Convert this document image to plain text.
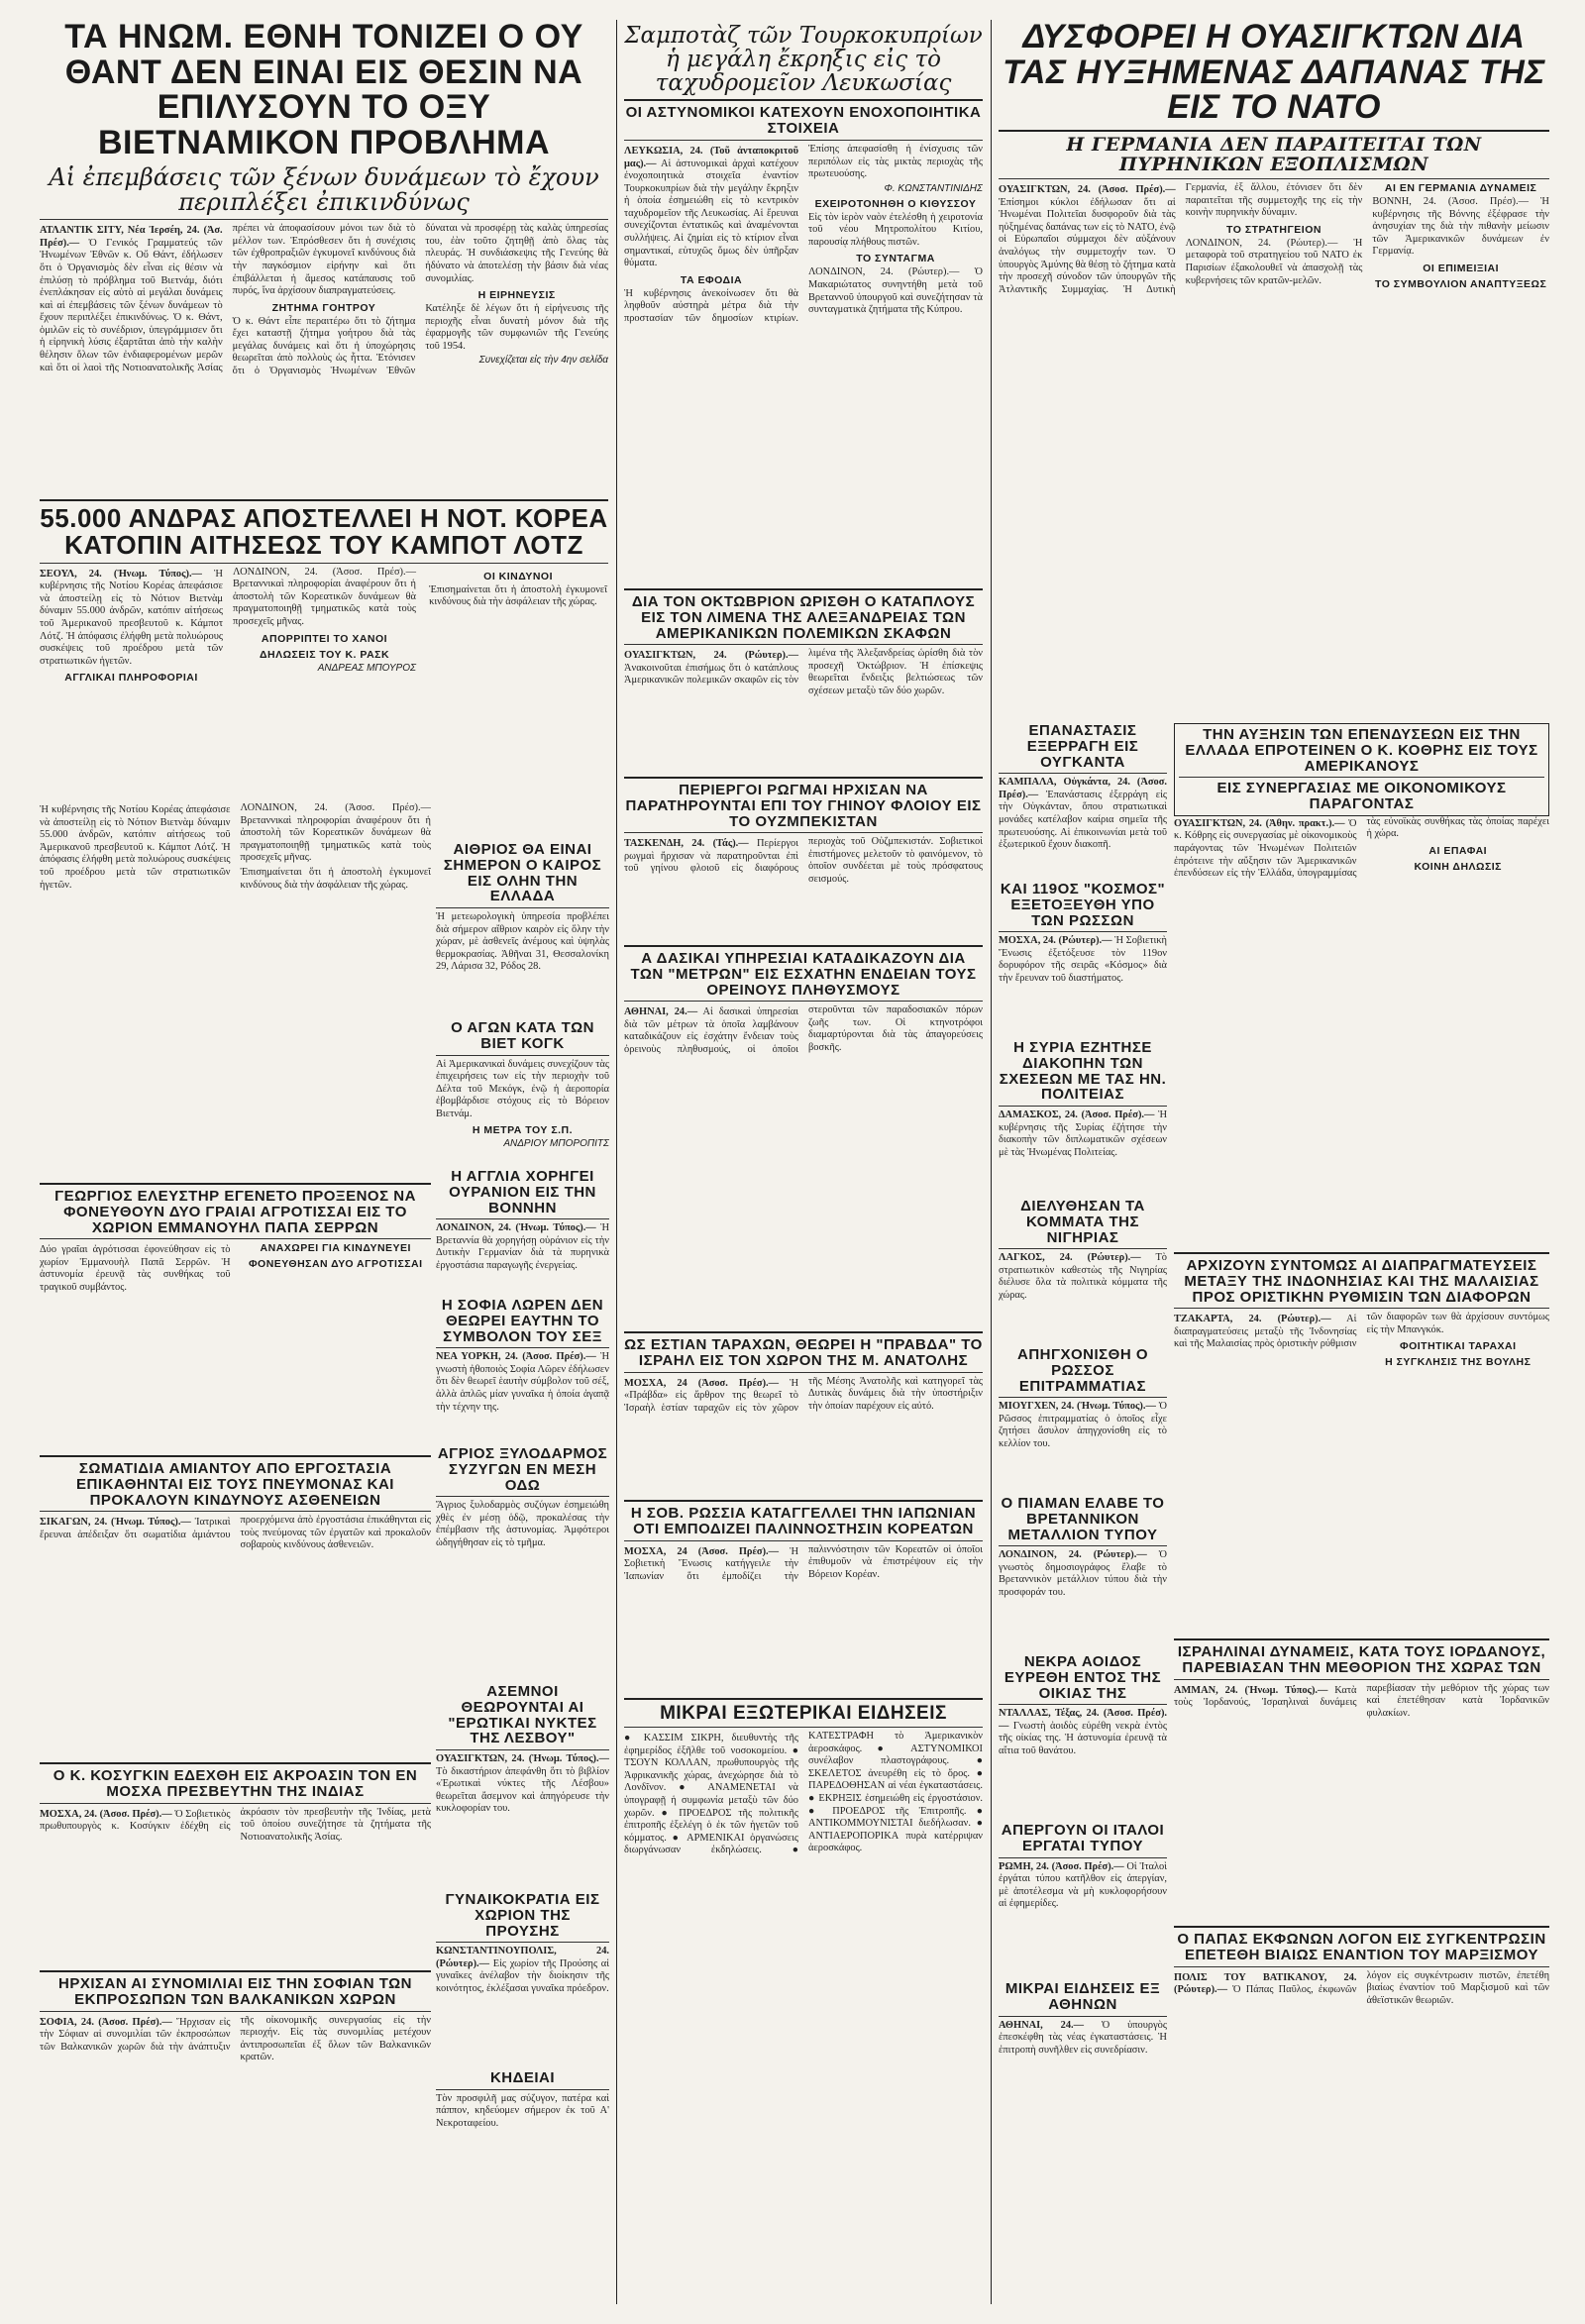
ΤΑ ΗΝΩΜ. ΕΘΝΗ ΤΟΝΙΖΕΙ Ο ΟΥ ΘΑΝΤ ΔΕΝ ΕΙΝΑΙ ΕΙΣ ΘΕΣΙΝ ΝΑ ΕΠΙΛΥΣΟΥΝ ΤΟ ΟΞΥ ΒΙΕΤΝΑΜΙΚΟΝ ΠΡΟΒΛΗΜΑ
Αἱ ἐπεμβάσεις τῶν ξένων δυνάμεων τὸ ἔχουν περιπλέξει ἐπικινδύνως

ΑΤΛΑΝΤΙΚ ΣΙΤΥ, Νέα Ἰερσέη, 24. (Ἀσ. Πρέσ).— Ὁ Γενικός Γραμματεύς τῶν Ἡνωμένων Ἐθνῶν κ. Οὔ Θάντ, ἐδήλωσεν ὅτι ὁ Ὀργανισμὸς δὲν εἶναι εἰς θέσιν νὰ ἐπιλύσῃ τὸ πρόβλημα τοῦ Βιετνάμ, διότι ἐνεπλάκησαν εἰς αὐτὸ αἱ μεγάλαι δυνάμεις καὶ αἱ ἐπεμβάσεις τῶν ξένων δυνάμεων τὸ ἔχουν περιπλέξει ἐπικινδύνως. Ὁ κ. Θάντ, ὁμιλῶν εἰς τὸ συνέδριον, ὑπεγράμμισεν ὅτι ἡ εἰρηνικὴ λύσις ἐξαρτᾶται ἀπὸ τὴν καλὴν θέλησιν ὅλων τῶν ἐνδιαφερομένων μερῶν καὶ ὅτι οἱ λαοὶ τῆς Νοτιοανατολικῆς Ἀσίας πρέπει νὰ ἀποφασίσουν μόνοι των διὰ τὸ μέλλον των. Ἐπρόσθεσεν ὅτι ἡ συνέχισις τῶν ἐχθροπραξιῶν ἐγκυμονεῖ κινδύνους διὰ τὴν παγκόσμιον εἰρήνην καὶ ὅτι ἐπιβάλλεται ἡ ἄμεσος κατάπαυσις τοῦ πυρός, ἵνα ἀρχίσουν διαπραγματεύσεις.

ΖΗΤΗΜΑ ΓΟΗΤΡΟΥ

Ὁ κ. Θάντ εἶπε περαιτέρω ὅτι τὸ ζήτημα ἔχει καταστῇ ζήτημα γοήτρου διὰ τὰς μεγάλας δυνάμεις καὶ ὅτι ἡ ὑποχώρησις θεωρεῖται ἀπὸ πολλοὺς ὡς ἧττα. Ἐτόνισεν ὅτι ὁ Ὀργανισμὸς Ἡνωμένων Ἐθνῶν δύναται νὰ προσφέρῃ τὰς καλὰς ὑπηρεσίας του, ἐὰν τοῦτο ζητηθῇ ἀπὸ ὅλας τὰς πλευράς. Ἡ συνδιάσκεψις τῆς Γενεύης θὰ ἠδύνατο νὰ ἀποτελέσῃ τὴν βάσιν διὰ νέας συνομιλίας.

Η ΕΙΡΗΝΕΥΣΙΣ

Κατέληξε δὲ λέγων ὅτι ἡ εἰρήνευσις τῆς περιοχῆς εἶναι δυνατὴ μόνον διὰ τῆς ἐφαρμογῆς τῶν συμφωνιῶν τῆς Γενεύης τοῦ 1954.

Συνεχίζεται εἰς τὴν 4ην σελίδα
Σαμποτὰζ τῶν Τουρκοκυπρίων ἡ μεγάλη ἔκρηξις εἰς τὸ ταχυδρομεῖον Λευκωσίας
ΟΙ ΑΣΤΥΝΟΜΙΚΟΙ ΚΑΤΕΧΟΥΝ ΕΝΟΧΟΠΟΙΗΤΙΚΑ ΣΤΟΙΧΕΙΑ

ΛΕΥΚΩΣΙΑ, 24. (Τοῦ ἀνταποκριτοῦ μας).— Αἱ ἀστυνομικαὶ ἀρχαὶ κατέχουν ἐνοχοποιητικὰ στοιχεῖα ἐναντίον Τουρκοκυπρίων διὰ τὴν μεγάλην ἔκρηξιν ἡ ὁποία ἐσημειώθη εἰς τὸ κεντρικὸν ταχυδρομεῖον τῆς Λευκωσίας. Αἱ ἔρευναι συνεχίζονται ἐντατικῶς καὶ ἀναμένονται συλλήψεις. Αἱ ζημίαι εἰς τὸ κτίριον εἶναι σημαντικαί, εὐτυχῶς ὅμως δὲν ὑπῆρξαν θύματα.

ΤΑ ΕΦΟΔΙΑ

Ἡ κυβέρνησις ἀνεκοίνωσεν ὅτι θὰ ληφθοῦν αὐστηρὰ μέτρα διὰ τὴν προστασίαν τῶν δημοσίων κτιρίων. Ἐπίσης ἀπεφασίσθη ἡ ἐνίσχυσις τῶν περιπόλων εἰς τὰς μικτὰς περιοχὰς τῆς πρωτευούσης.

Φ. ΚΩΝΣΤΑΝΤΙΝΙΔΗΣ
ΕΧΕΙΡΟΤΟΝΗΘΗ Ο ΚΙΘΥΣΣΟΥ

Εἰς τὸν ἱερὸν ναὸν ἐτελέσθη ἡ χειροτονία τοῦ νέου Μητροπολίτου Κιτίου, παρουσίᾳ πλήθους πιστῶν.

ΤΟ ΣΥΝΤΑΓΜΑ

ΛΟΝΔΙΝΟΝ, 24. (Ρώυτερ).— Ὁ Μακαριώτατος συνηντήθη μετὰ τοῦ Βρεταννοῦ ὑπουργοῦ καὶ συνεζήτησαν τὰ συνταγματικὰ ζητήματα τῆς Κύπρου.

ΔΥΣΦΟΡΕΙ Η ΟΥΑΣΙΓΚΤΩΝ ΔΙΑ ΤΑΣ ΗΥΞΗΜΕΝΑΣ ΔΑΠΑΝΑΣ ΤΗΣ ΕΙΣ ΤΟ ΝΑΤΟ
Η ΓΕΡΜΑΝΙΑ ΔΕΝ ΠΑΡΑΙΤΕΙΤΑΙ ΤΩΝ ΠΥΡΗΝΙΚΩΝ ΕΞΟΠΛΙΣΜΩΝ

ΟΥΑΣΙΓΚΤΩΝ, 24. (Ἀσοσ. Πρέσ).— Ἐπίσημοι κύκλοι ἐδήλωσαν ὅτι αἱ Ἡνωμέναι Πολιτεῖαι δυσφοροῦν διὰ τὰς ηὐξημένας δαπάνας των εἰς τὸ ΝΑΤΟ, ἐνῷ οἱ Εὐρωπαῖοι σύμμαχοι δὲν αὐξάνουν ἀναλόγως τὴν συμμετοχήν των. Ὁ ὑπουργὸς Ἀμύνης θὰ θέσῃ τὸ ζήτημα κατὰ τὴν προσεχῆ σύνοδον τῶν ὑπουργῶν τῆς Ἀτλαντικῆς Συμμαχίας. Ἡ Δυτικὴ Γερμανία, ἐξ ἄλλου, ἐτόνισεν ὅτι δὲν παραιτεῖται τῆς συμμετοχῆς της εἰς τὴν κοινὴν πυρηνικὴν δύναμιν.

ΤΟ ΣΤΡΑΤΗΓΕΙΟΝ

ΛΟΝΔΙΝΟΝ, 24. (Ρώυτερ).— Ἡ μεταφορὰ τοῦ στρατηγείου τοῦ ΝΑΤΟ ἐκ Παρισίων ἐξακολουθεῖ νὰ ἀπασχολῇ τὰς κυβερνήσεις τῶν κρατῶν-μελῶν.

ΑΙ ΕΝ ΓΕΡΜΑΝΙΑ ΔΥΝΑΜΕΙΣ

ΒΟΝΝΗ, 24. (Ἀσοσ. Πρέσ).— Ἡ κυβέρνησις τῆς Βόννης ἐξέφρασε τὴν ἀνησυχίαν της διὰ τὴν πιθανὴν μείωσιν τῶν Ἀμερικανικῶν δυνάμεων ἐν Γερμανίᾳ.

ΟΙ ΕΠΙΜΕΙΞΙΑΙ
ΤΟ ΣΥΜΒΟΥΛΙΟΝ ΑΝΑΠΤΥΞΕΩΣ
ΔΙΑ ΤΟΝ ΟΚΤΩΒΡΙΟΝ ΩΡΙΣΘΗ Ο ΚΑΤΑΠΛΟΥΣ ΕΙΣ ΤΟΝ ΛΙΜΕΝΑ ΤΗΣ ΑΛΕΞΑΝΔΡΕΙΑΣ ΤΩΝ ΑΜΕΡΙΚΑΝΙΚΩΝ ΠΟΛΕΜΙΚΩΝ ΣΚΑΦΩΝ

ΟΥΑΣΙΓΚΤΩΝ, 24. (Ρώυτερ).— Ἀνακοινοῦται ἐπισήμως ὅτι ὁ κατάπλους Ἀμερικανικῶν πολεμικῶν σκαφῶν εἰς τὸν λιμένα τῆς Ἀλεξανδρείας ὡρίσθη διὰ τὸν προσεχῆ Ὀκτώβριον. Ἡ ἐπίσκεψις θεωρεῖται ἔνδειξις βελτιώσεως τῶν σχέσεων μεταξὺ τῶν δύο χωρῶν.

55.000 ΑΝΔΡΑΣ ΑΠΟΣΤΕΛΛΕΙ Η ΝΟΤ. ΚΟΡΕΑ ΚΑΤΟΠΙΝ ΑΙΤΗΣΕΩΣ ΤΟΥ ΚΑΜΠΟΤ ΛΟΤΖ

ΣΕΟΥΛ, 24. (Ἡνωμ. Τύπος).— Ἡ κυβέρνησις τῆς Νοτίου Κορέας ἀπεφάσισε νὰ ἀποστείλῃ εἰς τὸ Νότιον Βιετνὰμ δύναμιν 55.000 ἀνδρῶν, κατόπιν αἰτήσεως τοῦ Ἀμερικανοῦ πρεσβευτοῦ κ. Κάμποτ Λότζ. Ἡ ἀπόφασις ἐλήφθη μετὰ πολυώρους συσκέψεις τοῦ προέδρου μετὰ τῶν στρατιωτικῶν ἡγετῶν.

ΑΓΓΛΙΚΑΙ ΠΛΗΡΟΦΟΡΙΑΙ

ΛΟΝΔΙΝΟΝ, 24. (Ἀσοσ. Πρέσ).— Βρεταννικαὶ πληροφορίαι ἀναφέρουν ὅτι ἡ ἀποστολὴ τῶν Κορεατικῶν δυνάμεων θὰ πραγματοποιηθῇ τμηματικῶς κατὰ τοὺς προσεχεῖς μῆνας.

ΑΠΟΡΡΙΠΤΕΙ ΤΟ ΧΑΝΟΙ
ΔΗΛΩΣΕΙΣ ΤΟΥ Κ. ΡΑΣΚ
ΑΝΔΡΕΑΣ ΜΠΟΥΡΟΣ

ΟΙ ΚΙΝΔΥΝΟΙ

Ἐπισημαίνεται ὅτι ἡ ἀποστολὴ ἐγκυμονεῖ κινδύνους διὰ τὴν ἀσφάλειαν τῆς χώρας.

ΑΙΘΡΙΟΣ ΘΑ ΕΙΝΑΙ ΣΗΜΕΡΟΝ Ο ΚΑΙΡΟΣ ΕΙΣ ΟΛΗΝ ΤΗΝ ΕΛΛΑΔΑ

Ἡ μετεωρολογικὴ ὑπηρεσία προβλέπει διὰ σήμερον αἴθριον καιρὸν εἰς ὅλην τὴν χώραν, μὲ ἀσθενεῖς ἀνέμους καὶ ὑψηλὰς θερμοκρασίας. Ἀθῆναι 31, Θεσσαλονίκη 29, Λάρισα 32, Ρόδος 28.

Ο ΑΓΩΝ ΚΑΤΑ ΤΩΝ ΒΙΕΤ ΚΟΓΚ

Αἱ Ἀμερικανικαὶ δυνάμεις συνεχίζουν τὰς ἐπιχειρήσεις των εἰς τὴν περιοχὴν τοῦ Δέλτα τοῦ Μεκόγκ, ἐνῷ ἡ ἀεροπορία ἐβομβάρδισε στόχους εἰς τὸ Βόρειον Βιετνάμ.

Η ΜΕΤΡΑ ΤΟΥ Σ.Π.
ΑΝΔΡΙΟΥ ΜΠΟΡΟΠΙΤΣ
Η ΑΓΓΛΙΑ ΧΟΡΗΓΕΙ ΟΥΡΑΝΙΟΝ ΕΙΣ ΤΗΝ ΒΟΝΝΗΝ

ΛΟΝΔΙΝΟΝ, 24. (Ἡνωμ. Τύπος).— Ἡ Βρεταννία θὰ χορηγήσῃ οὐράνιον εἰς τὴν Δυτικὴν Γερμανίαν διὰ τὰ πυρηνικὰ ἐργοστάσια παραγωγῆς ἐνεργείας.

Η ΣΟΦΙΑ ΛΩΡΕΝ ΔΕΝ ΘΕΩΡΕΙ ΕΑΥΤΗΝ ΤΟ ΣΥΜΒΟΛΟΝ ΤΟΥ ΣΕΞ

ΝΕΑ ΥΟΡΚΗ, 24. (Ἀσοσ. Πρέσ).— Ἡ γνωστὴ ἠθοποιὸς Σοφία Λῶρεν ἐδήλωσεν ὅτι δὲν θεωρεῖ ἑαυτὴν σύμβολον τοῦ σέξ, ἀλλὰ ἁπλῶς μίαν γυναῖκα ἡ ὁποία ἀγαπᾷ τὴν τέχνην της.

ΑΓΡΙΟΣ ΞΥΛΟΔΑΡΜΟΣ ΣΥΖΥΓΩΝ ΕΝ ΜΕΣΗ ΟΔΩ

Ἄγριος ξυλοδαρμὸς συζύγων ἐσημειώθη χθὲς ἐν μέσῃ ὁδῷ, προκαλέσας τὴν ἐπέμβασιν τῆς ἀστυνομίας. Ἀμφότεροι ὡδηγήθησαν εἰς τὸ τμῆμα.

ΑΣΕΜΝΟΙ ΘΕΩΡΟΥΝΤΑΙ ΑΙ "ΕΡΩΤΙΚΑΙ ΝΥΚΤΕΣ ΤΗΣ ΛΕΣΒΟΥ"

ΟΥΑΣΙΓΚΤΩΝ, 24. (Ἡνωμ. Τύπος).— Τὸ δικαστήριον ἀπεφάνθη ὅτι τὸ βιβλίον «Ἐρωτικαὶ νύκτες τῆς Λέσβου» θεωρεῖται ἄσεμνον καὶ ἀπηγόρευσε τὴν κυκλοφορίαν του.

ΓΥΝΑΙΚΟΚΡΑΤΙΑ ΕΙΣ ΧΩΡΙΟΝ ΤΗΣ ΠΡΟΥΣΗΣ

ΚΩΝΣΤΑΝΤΙΝΟΥΠΟΛΙΣ, 24. (Ρώυτερ).— Εἰς χωρίον τῆς Προύσης αἱ γυναῖκες ἀνέλαβον τὴν διοίκησιν τῆς κοινότητος, ἐκλέξασαι γυναῖκα πρόεδρον.

ΚΗΔΕΙΑΙ

Τὸν προσφιλῆ μας σύζυγον, πατέρα καὶ πάππον, κηδεύομεν σήμερον ἐκ τοῦ Α' Νεκροταφείου.

ΓΕΩΡΓΙΟΣ ΕΛΕΥΣΤΗΡ ΕΓΕΝΕΤΟ ΠΡΟΞΕΝΟΣ ΝΑ ΦΟΝΕΥΘΟΥΝ ΔΥΟ ΓΡΑΙΑΙ ΑΓΡΟΤΙΣΣΑΙ ΕΙΣ ΤΟ ΧΩΡΙΟΝ ΕΜΜΑΝΟΥΗΛ ΠΑΠΑ ΣΕΡΡΩΝ

Δύο γραῖαι ἀγρότισσαι ἐφονεύθησαν εἰς τὸ χωρίον Ἐμμανουὴλ Παπᾶ Σερρῶν. Ἡ ἀστυνομία ἐρευνᾷ τὰς συνθήκας τοῦ τραγικοῦ συμβάντος.

ΑΝΑΧΩΡΕΙ ΓΙΑ ΚΙΝΔΥΝΕΥΕΙ
ΦΟΝΕΥΘΗΣΑΝ ΔΥΟ ΑΓΡΟΤΙΣΣΑΙ
ΣΩΜΑΤΙΔΙΑ ΑΜΙΑΝΤΟΥ ΑΠΟ ΕΡΓΟΣΤΑΣΙΑ ΕΠΙΚΑΘΗΝΤΑΙ ΕΙΣ ΤΟΥΣ ΠΝΕΥΜΟΝΑΣ ΚΑΙ ΠΡΟΚΑΛΟΥΝ ΚΙΝΔΥΝΟΥΣ ΑΣΘΕΝΕΙΩΝ

ΣΙΚΑΓΩΝ, 24. (Ἡνωμ. Τύπος).— Ἰατρικαὶ ἔρευναι ἀπέδειξαν ὅτι σωματίδια ἀμιάντου προερχόμενα ἀπὸ ἐργοστάσια ἐπικάθηνται εἰς τοὺς πνεύμονας τῶν ἐργατῶν καὶ προκαλοῦν σοβαροὺς κινδύνους ἀσθενειῶν.

Ο Κ. ΚΟΣΥΓΚΙΝ ΕΔΕΧΘΗ ΕΙΣ ΑΚΡΟΑΣΙΝ ΤΟΝ ΕΝ ΜΟΣΧΑ ΠΡΕΣΒΕΥΤΗΝ ΤΗΣ ΙΝΔΙΑΣ

ΜΟΣΧΑ, 24. (Ἀσοσ. Πρέσ).— Ὁ Σοβιετικὸς πρωθυπουργὸς κ. Κοσύγκιν ἐδέχθη εἰς ἀκρόασιν τὸν πρεσβευτὴν τῆς Ἰνδίας, μετὰ τοῦ ὁποίου συνεζήτησε τὰ ζητήματα τῆς Νοτιοανατολικῆς Ἀσίας.

ΗΡΧΙΣΑΝ ΑΙ ΣΥΝΟΜΙΛΙΑΙ ΕΙΣ ΤΗΝ ΣΟΦΙΑΝ ΤΩΝ ΕΚΠΡΟΣΩΠΩΝ ΤΩΝ ΒΑΛΚΑΝΙΚΩΝ ΧΩΡΩΝ

ΣΟΦΙΑ, 24. (Ἀσοσ. Πρέσ).— Ἤρχισαν εἰς τὴν Σόφιαν αἱ συνομιλίαι τῶν ἐκπροσώπων τῶν Βαλκανικῶν χωρῶν διὰ τὴν ἀνάπτυξιν τῆς οἰκονομικῆς συνεργασίας εἰς τὴν περιοχήν. Εἰς τὰς συνομιλίας μετέχουν ἀντιπροσωπεῖαι ἐξ ὅλων τῶν Βαλκανικῶν κρατῶν.

Ἡ κυβέρνησις τῆς Νοτίου Κορέας ἀπεφάσισε νὰ ἀποστείλῃ εἰς τὸ Νότιον Βιετνὰμ δύναμιν 55.000 ἀνδρῶν, κατόπιν αἰτήσεως τοῦ Ἀμερικανοῦ πρεσβευτοῦ κ. Κάμποτ Λότζ. Ἡ ἀπόφασις ἐλήφθη μετὰ πολυώρους συσκέψεις τοῦ προέδρου μετὰ τῶν στρατιωτικῶν ἡγετῶν.

ΛΟΝΔΙΝΟΝ, 24. (Ἀσοσ. Πρέσ).— Βρεταννικαὶ πληροφορίαι ἀναφέρουν ὅτι ἡ ἀποστολὴ τῶν Κορεατικῶν δυνάμεων θὰ πραγματοποιηθῇ τμηματικῶς κατὰ τοὺς προσεχεῖς μῆνας.

Ἐπισημαίνεται ὅτι ἡ ἀποστολὴ ἐγκυμονεῖ κινδύνους διὰ τὴν ἀσφάλειαν τῆς χώρας.

ΠΕΡΙΕΡΓΟΙ ΡΩΓΜΑΙ ΗΡΧΙΣΑΝ ΝΑ ΠΑΡΑΤΗΡΟΥΝΤΑΙ ΕΠΙ ΤΟΥ ΓΗΙΝΟΥ ΦΛΟΙΟΥ ΕΙΣ ΤΟ ΟΥΖΜΠΕΚΙΣΤΑΝ

ΤΑΣΚΕΝΔΗ, 24. (Τάς).— Περίεργοι ρωγμαὶ ἤρχισαν νὰ παρατηροῦνται ἐπὶ τοῦ γηίνου φλοιοῦ εἰς διαφόρους περιοχὰς τοῦ Οὐζμπεκιστάν. Σοβιετικοὶ ἐπιστήμονες μελετοῦν τὸ φαινόμενον, τὸ ὁποῖον συνδέεται μὲ τοὺς πρόσφατους σεισμούς.

Α ΔΑΣΙΚΑΙ ΥΠΗΡΕΣΙΑΙ ΚΑΤΑΔΙΚΑΖΟΥΝ ΔΙΑ ΤΩΝ "ΜΕΤΡΩΝ" ΕΙΣ ΕΣΧΑΤΗΝ ΕΝΔΕΙΑΝ ΤΟΥΣ ΟΡΕΙΝΟΥΣ ΠΛΗΘΥΣΜΟΥΣ

ΑΘΗΝΑΙ, 24.— Αἱ δασικαὶ ὑπηρεσίαι διὰ τῶν μέτρων τὰ ὁποῖα λαμβάνουν καταδικάζουν εἰς ἐσχάτην ἔνδειαν τοὺς ὀρεινοὺς πληθυσμούς, οἱ ὁποῖοι στεροῦνται τῶν παραδοσιακῶν πόρων ζωῆς των. Οἱ κτηνοτρόφοι διαμαρτύρονται διὰ τὰς ἀπαγορεύσεις βοσκῆς.

ΩΣ ΕΣΤΙΑΝ ΤΑΡΑΧΩΝ, ΘΕΩΡΕΙ Η "ΠΡΑΒΔΑ" ΤΟ ΙΣΡΑΗΛ ΕΙΣ ΤΟΝ ΧΩΡΟΝ ΤΗΣ Μ. ΑΝΑΤΟΛΗΣ

ΜΟΣΧΑ, 24 (Ἀσοσ. Πρέσ).— Ἡ «Πράβδα» εἰς ἄρθρον της θεωρεῖ τὸ Ἰσραὴλ ἑστίαν ταραχῶν εἰς τὸν χῶρον τῆς Μέσης Ἀνατολῆς καὶ κατηγορεῖ τὰς Δυτικὰς δυνάμεις διὰ τὴν ὑποστήριξιν τὴν ὁποίαν παρέχουν εἰς αὐτό.

Η ΣΟΒ. ΡΩΣΣΙΑ ΚΑΤΑΓΓΕΛΛΕΙ ΤΗΝ ΙΑΠΩΝΙΑΝ ΟΤΙ ΕΜΠΟΔΙΖΕΙ ΠΑΛΙΝΝΟΣΤΗΣΙΝ ΚΟΡΕΑΤΩΝ

ΜΟΣΧΑ, 24 (Ἀσοσ. Πρέσ).— Ἡ Σοβιετικὴ Ἕνωσις κατήγγειλε τὴν Ἰαπωνίαν ὅτι ἐμποδίζει τὴν παλιννόστησιν τῶν Κορεατῶν οἱ ὁποῖοι ἐπιθυμοῦν νὰ ἐπιστρέψουν εἰς τὴν Βόρειον Κορέαν.

ΜΙΚΡΑΙ ΕΞΩΤΕΡΙΚΑΙ ΕΙΔΗΣΕΙΣ

● ΚΑΣΣΙΜ ΣΙΚΡΗ, διευθυντὴς τῆς ἐφημερίδος ἐξῆλθε τοῦ νοσοκομείου. ● ΤΣΟΥΝ ΚΟΛΛΑΝ, πρωθυπουργὸς τῆς Ἀφρικανικῆς χώρας, ἀνεχώρησε διὰ τὸ Λονδῖνον. ● ΑΝΑΜΕΝΕΤΑΙ νὰ ὑπογραφῇ ἡ συμφωνία μεταξὺ τῶν δύο χωρῶν. ● ΠΡΟΕΔΡΟΣ τῆς πολιτικῆς ἐπιτροπῆς ἐξελέγη ὁ ἐκ τῶν ἡγετῶν τοῦ κόμματος. ● ΑΡΜΕΝΙΚΑΙ ὀργανώσεις διωργάνωσαν ἐκδηλώσεις. ● ΚΑΤΕΣΤΡΑΦΗ τὸ Ἀμερικανικὸν ἀεροσκάφος. ● ΑΣΤΥΝΟΜΙΚΟΙ συνέλαβον πλαστογράφους. ● ΣΚΕΛΕΤΟΣ ἀνευρέθη εἰς τὸ ὄρος. ● ΠΑΡΕΔΟΘΗΣΑΝ αἱ νέαι ἐγκαταστάσεις. ● ΕΚΡΗΞΙΣ ἐσημειώθη εἰς ἐργοστάσιον. ● ΠΡΟΕΔΡΟΣ τῆς Ἐπιτροπῆς. ● ΑΝΤΙΚΟΜΜΟΥΝΙΣΤΑΙ διεδήλωσαν. ● ΑΝΤΙΑΕΡΟΠΟΡΙΚΑ πυρὰ κατέρριψαν ἀεροσκάφος.

ΕΠΑΝΑΣΤΑΣΙΣ ΕΞΕΡΡΑΓΗ ΕΙΣ ΟΥΓΚΑΝΤΑ

ΚΑΜΠΑΛΑ, Οὐγκάντα, 24. (Ἀσοσ. Πρέσ).— Ἐπανάστασις ἐξερράγη εἰς τὴν Οὐγκάνταν, ὅπου στρατιωτικαὶ μονάδες κατέλαβον καίρια σημεῖα τῆς πρωτευούσης. Αἱ ἐπικοινωνίαι μετὰ τοῦ ἐξωτερικοῦ ἔχουν διακοπῆ.

ΚΑΙ 119ΟΣ "ΚΟΣΜΟΣ" ΕΞΕΤΟΞΕΥΘΗ ΥΠΟ ΤΩΝ ΡΩΣΣΩΝ

ΜΟΣΧΑ, 24. (Ρώυτερ).— Ἡ Σοβιετικὴ Ἕνωσις ἐξετόξευσε τὸν 119ον δορυφόρον τῆς σειρᾶς «Κόσμος» διὰ τὴν ἔρευναν τοῦ διαστήματος.

Η ΣΥΡΙΑ ΕΖΗΤΗΣΕ ΔΙΑΚΟΠΗΝ ΤΩΝ ΣΧΕΣΕΩΝ ΜΕ ΤΑΣ ΗΝ. ΠΟΛΙΤΕΙΑΣ

ΔΑΜΑΣΚΟΣ, 24. (Ἀσοσ. Πρέσ).— Ἡ κυβέρνησις τῆς Συρίας ἐζήτησε τὴν διακοπὴν τῶν διπλωματικῶν σχέσεων μὲ τὰς Ἡνωμένας Πολιτείας.

ΔΙΕΛΥΘΗΣΑΝ ΤΑ ΚΟΜΜΑΤΑ ΤΗΣ ΝΙΓΗΡΙΑΣ

ΛΑΓΚΟΣ, 24. (Ρώυτερ).— Τὸ στρατιωτικὸν καθεστὼς τῆς Νιγηρίας διέλυσε ὅλα τὰ πολιτικὰ κόμματα τῆς χώρας.

ΑΠΗΓΧΟΝΙΣΘΗ Ο ΡΩΣΣΟΣ ΕΠΙΤΡΑΜΜΑΤΙΑΣ

ΜΙΟΥΓΧΕΝ, 24. (Ἡνωμ. Τύπος).— Ὁ Ρῶσσος ἐπιτραμματίας ὁ ὁποῖος εἶχε ζητήσει ἄσυλον ἀπηγχονίσθη εἰς τὸ κελλίον του.

Ο ΠΙΑΜΑΝ ΕΛΑΒΕ ΤΟ ΒΡΕΤΑΝΝΙΚΟΝ ΜΕΤΑΛΛΙΟΝ ΤΥΠΟΥ

ΛΟΝΔΙΝΟΝ, 24. (Ρώυτερ).— Ὁ γνωστὸς δημοσιογράφος ἔλαβε τὸ Βρεταννικὸν μετάλλιον τύπου διὰ τὴν προσφοράν του.

ΝΕΚΡΑ ΑΟΙΔΟΣ ΕΥΡΕΘΗ ΕΝΤΟΣ ΤΗΣ ΟΙΚΙΑΣ ΤΗΣ

ΝΤΑΛΛΑΣ, Τέξας, 24. (Ἀσοσ. Πρέσ).— Γνωστὴ ἀοιδὸς εὑρέθη νεκρὰ ἐντὸς τῆς οἰκίας της. Ἡ ἀστυνομία ἐρευνᾷ τὰ αἴτια τοῦ θανάτου.

ΑΠΕΡΓΟΥΝ ΟΙ ΙΤΑΛΟΙ ΕΡΓΑΤΑΙ ΤΥΠΟΥ

ΡΩΜΗ, 24. (Ἀσοσ. Πρέσ).— Οἱ Ἰταλοὶ ἐργάται τύπου κατῆλθον εἰς ἀπεργίαν, μὲ ἀποτέλεσμα νὰ μὴ κυκλοφορήσουν αἱ ἐφημερίδες.

ΜΙΚΡΑΙ ΕΙΔΗΣΕΙΣ ΕΞ ΑΘΗΝΩΝ

ΑΘΗΝΑΙ, 24.— Ὁ ὑπουργὸς ἐπεσκέφθη τὰς νέας ἐγκαταστάσεις. Ἡ ἐπιτροπὴ συνῆλθεν εἰς συνεδρίασιν.

ΤΗΝ ΑΥΞΗΣΙΝ ΤΩΝ ΕΠΕΝΔΥΣΕΩΝ ΕΙΣ ΤΗΝ ΕΛΛΑΔΑ ΕΠΡΟΤΕΙΝΕΝ Ο Κ. ΚΟΘΡΗΣ ΕΙΣ ΤΟΥΣ ΑΜΕΡΙΚΑΝΟΥΣ
ΕΙΣ ΣΥΝΕΡΓΑΣΙΑΣ ΜΕ ΟΙΚΟΝΟΜΙΚΟΥΣ ΠΑΡΑΓΟΝΤΑΣ

ΟΥΑΣΙΓΚΤΩΝ, 24. (Ἀθην. πρακτ.).— Ὁ κ. Κόθρης εἰς συνεργασίας μὲ οἰκονομικοὺς παράγοντας τῶν Ἡνωμένων Πολιτειῶν ἐπρότεινε τὴν αὔξησιν τῶν Ἀμερικανικῶν ἐπενδύσεων εἰς τὴν Ἑλλάδα, ὑπογραμμίσας τὰς εὐνοϊκὰς συνθήκας τὰς ὁποίας παρέχει ἡ χώρα.

ΑΙ ΕΠΑΦΑΙ
ΚΟΙΝΗ ΔΗΛΩΣΙΣ
ΑΡΧΙΖΟΥΝ ΣΥΝΤΟΜΩΣ ΑΙ ΔΙΑΠΡΑΓΜΑΤΕΥΣΕΙΣ ΜΕΤΑΞΥ ΤΗΣ ΙΝΔΟΝΗΣΙΑΣ ΚΑΙ ΤΗΣ ΜΑΛΑΙΣΙΑΣ ΠΡΟΣ ΟΡΙΣΤΙΚΗΝ ΡΥΘΜΙΣΙΝ ΤΩΝ ΔΙΑΦΟΡΩΝ

ΤΖΑΚΑΡΤΑ, 24. (Ρώυτερ).— Αἱ διαπραγματεύσεις μεταξὺ τῆς Ἰνδονησίας καὶ τῆς Μαλαισίας πρὸς ὁριστικὴν ρύθμισιν τῶν διαφορῶν των θὰ ἀρχίσουν συντόμως εἰς τὴν Μπανγκόκ.

ΦΟΙΤΗΤΙΚΑΙ ΤΑΡΑΧΑΙ
Η ΣΥΓΚΛΗΣΙΣ ΤΗΣ ΒΟΥΛΗΣ
ΙΣΡΑΗΛΙΝΑΙ ΔΥΝΑΜΕΙΣ, ΚΑΤΑ ΤΟΥΣ ΙΟΡΔΑΝΟΥΣ, ΠΑΡΕΒΙΑΣΑΝ ΤΗΝ ΜΕΘΟΡΙΟΝ ΤΗΣ ΧΩΡΑΣ ΤΩΝ

ΑΜΜΑΝ, 24. (Ἡνωμ. Τύπος).— Κατὰ τοὺς Ἰορδανούς, Ἰσραηλιναὶ δυνάμεις παρεβίασαν τὴν μεθόριον τῆς χώρας των καὶ ἐπετέθησαν κατὰ Ἰορδανικῶν φυλακίων.

Ο ΠΑΠΑΣ ΕΚΦΩΝΩΝ ΛΟΓΟΝ ΕΙΣ ΣΥΓΚΕΝΤΡΩΣΙΝ ΕΠΕΤΕΘΗ ΒΙΑΙΩΣ ΕΝΑΝΤΙΟΝ ΤΟΥ ΜΑΡΞΙΣΜΟΥ

ΠΟΛΙΣ ΤΟΥ ΒΑΤΙΚΑΝΟΥ, 24. (Ρώυτερ).— Ὁ Πάπας Παῦλος, ἐκφωνῶν λόγον εἰς συγκέντρωσιν πιστῶν, ἐπετέθη βιαίως ἐναντίον τοῦ Μαρξισμοῦ καὶ τῶν ἀθεϊστικῶν θεωριῶν.
